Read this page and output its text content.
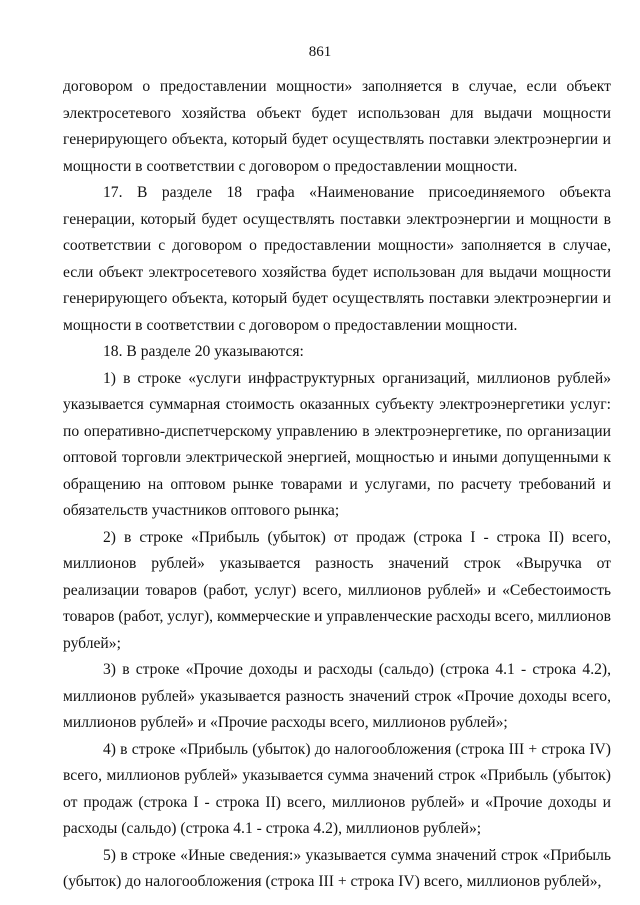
861

договором о предоставлении мощности» заполняется в случае, если объект электросетевого хозяйства объект будет использован для выдачи мощности генерирующего объекта, который будет осуществлять поставки электроэнергии и мощности в соответствии с договором о предоставлении мощности.

17. В разделе 18 графа «Наименование присоединяемого объекта генерации, который будет осуществлять поставки электроэнергии и мощности в соответствии с договором о предоставлении мощности» заполняется в случае, если объект электросетевого хозяйства будет использован для выдачи мощности генерирующего объекта, который будет осуществлять поставки электроэнергии и мощности в соответствии с договором о предоставлении мощности.

18. В разделе 20 указываются:

1) в строке «услуги инфраструктурных организаций, миллионов рублей» указывается суммарная стоимость оказанных субъекту электроэнергетики услуг: по оперативно-диспетчерскому управлению в электроэнергетике, по организации оптовой торговли электрической энергией, мощностью и иными допущенными к обращению на оптовом рынке товарами и услугами, по расчету требований и обязательств участников оптового рынка;

2) в строке «Прибыль (убыток) от продаж (строка I - строка II) всего, миллионов рублей» указывается разность значений строк «Выручка от реализации товаров (работ, услуг) всего, миллионов рублей» и «Себестоимость товаров (работ, услуг), коммерческие и управленческие расходы всего, миллионов рублей»;

3) в строке «Прочие доходы и расходы (сальдо) (строка 4.1 - строка 4.2), миллионов рублей» указывается разность значений строк «Прочие доходы всего, миллионов рублей» и «Прочие расходы всего, миллионов рублей»;

4) в строке «Прибыль (убыток) до налогообложения (строка III + строка IV) всего, миллионов рублей» указывается сумма значений строк «Прибыль (убыток) от продаж (строка I - строка II) всего, миллионов рублей» и «Прочие доходы и расходы (сальдо) (строка 4.1 - строка 4.2), миллионов рублей»;

5) в строке «Иные сведения:» указывается сумма значений строк «Прибыль (убыток) до налогообложения (строка III + строка IV) всего, миллионов рублей»,
